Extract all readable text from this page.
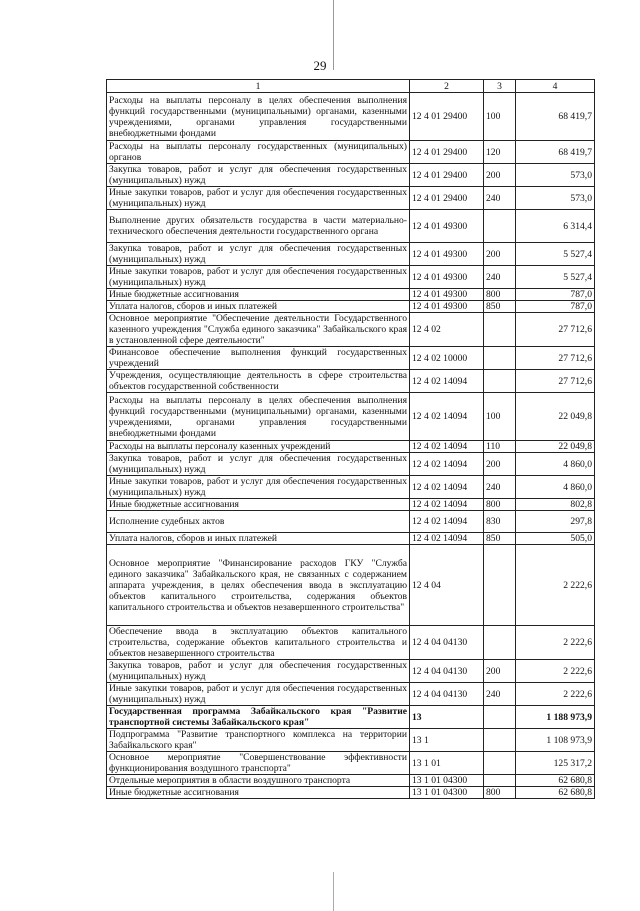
29
1	2	3	4
Расходы на выплаты персоналу в целях обеспечения выполнения функций государственными (муниципальными) органами, казенными учреждениями, органами управления государственными внебюджетными фондами	12 4 01 29400	100	68 419,7
Расходы на выплаты персоналу государственных (муниципальных) органов	12 4 01 29400	120	68 419,7
Закупка товаров, работ и услуг для обеспечения государственных (муниципальных) нужд	12 4 01 29400	200	573,0
Иные закупки товаров, работ и услуг для обеспечения государственных (муниципальных) нужд	12 4 01 29400	240	573,0
Выполнение других обязательств государства в части материально-технического обеспечения деятельности государственного органа	12 4 01 49300		6 314,4
Закупка товаров, работ и услуг для обеспечения государственных (муниципальных) нужд	12 4 01 49300	200	5 527,4
Иные закупки товаров, работ и услуг для обеспечения государственных (муниципальных) нужд	12 4 01 49300	240	5 527,4
Иные бюджетные ассигнования	12 4 01 49300	800	787,0
Уплата налогов, сборов и иных платежей	12 4 01 49300	850	787,0
Основное мероприятие "Обеспечение деятельности Государственного казенного учреждения "Служба единого заказчика" Забайкальского края в установленной сфере деятельности"	12 4 02		27 712,6
Финансовое обеспечение выполнения функций государственных учреждений	12 4 02 10000		27 712,6
Учреждения, осуществляющие деятельность в сфере строительства объектов государственной собственности	12 4 02 14094		27 712,6
Расходы на выплаты персоналу в целях обеспечения выполнения функций государственными (муниципальными) органами, казенными учреждениями, органами управления государственными внебюджетными фондами	12 4 02 14094	100	22 049,8
Расходы на выплаты персоналу казенных учреждений	12 4 02 14094	110	22 049,8
Закупка товаров, работ и услуг для обеспечения государственных (муниципальных) нужд	12 4 02 14094	200	4 860,0
Иные закупки товаров, работ и услуг для обеспечения государственных (муниципальных) нужд	12 4 02 14094	240	4 860,0
Иные бюджетные ассигнования	12 4 02 14094	800	802,8
Исполнение судебных актов	12 4 02 14094	830	297,8
Уплата налогов, сборов и иных платежей	12 4 02 14094	850	505,0
Основное мероприятие "Финансирование расходов ГКУ "Служба единого заказчика" Забайкальского края, не связанных с содержанием аппарата учреждения, в целях обеспечения ввода в эксплуатацию объектов капитального строительства, содержания объектов капитального строительства и объектов незавершенного строительства"	12 4 04		2 222,6
Обеспечение ввода в эксплуатацию объектов капитального строительства, содержание объектов капитального строительства и объектов незавершенного строительства	12 4 04 04130		2 222,6
Закупка товаров, работ и услуг для обеспечения государственных (муниципальных) нужд	12 4 04 04130	200	2 222,6
Иные закупки товаров, работ и услуг для обеспечения государственных (муниципальных) нужд	12 4 04 04130	240	2 222,6
Государственная программа Забайкальского края "Развитие транспортной системы Забайкальского края"	13		1 188 973,9
Подпрограмма "Развитие транспортного комплекса на территории Забайкальского края"	13 1		1 108 973,9
Основное мероприятие "Совершенствование эффективности функционирования воздушного транспорта"	13 1 01		125 317,2
Отдельные мероприятия в области воздушного транспорта	13 1 01 04300		62 680,8
Иные бюджетные ассигнования	13 1 01 04300	800	62 680,8
